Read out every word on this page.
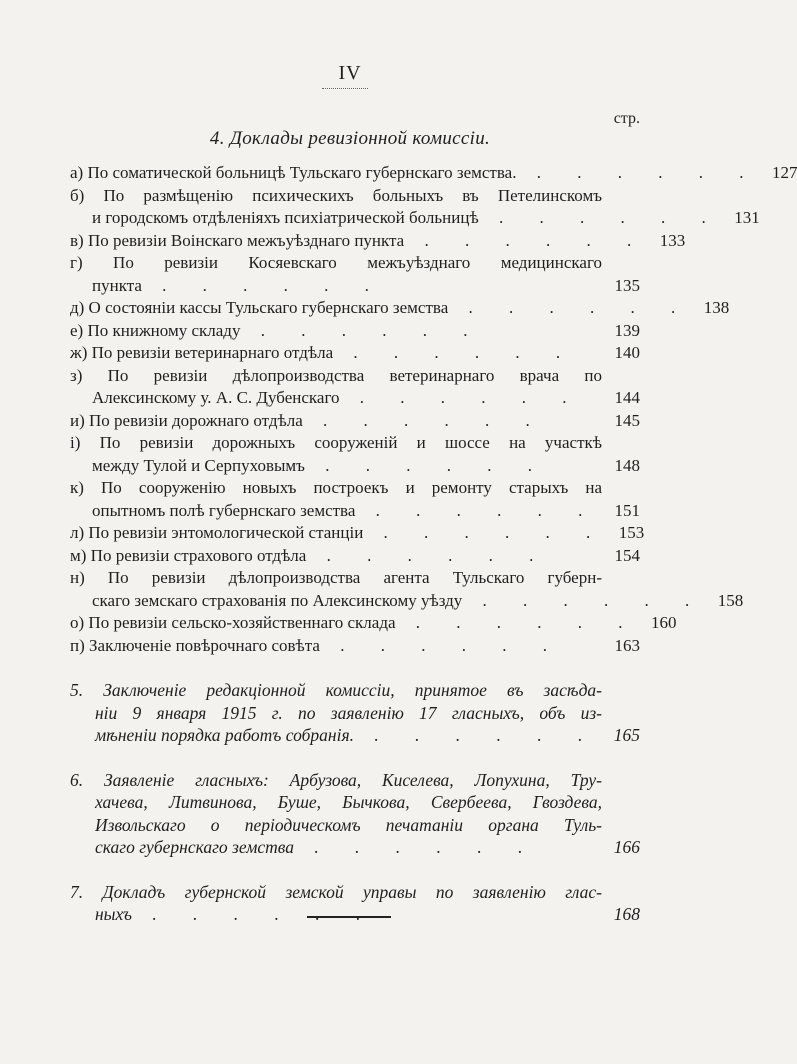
IV
стр.
4. Доклады ревизіонной комиссіи.
а) По соматической больницѣ Тульскаго губернскаго земства. . . . . . . 127
б) По размѣщенію психическихъ больныхъ въ Петелинскомъ
и городскомъ отдѣленіяхъ психіатрической больницѣ . . . . . . 131
в) По ревизіи Воінскаго межъуѣзднаго пункта . . . . . . 133
г) По ревизіи Косяевскаго межъуѣзднаго медицинскаго
пункта . . . . . .	135
д) О состояніи кассы Тульскаго губернскаго земства . . . . . . 138
е) По книжному складу . . . . . .	139
ж) По ревизіи ветеринарнаго отдѣла . . . . . .	140
з) По ревизіи дѣлопроизводства ветеринарнаго врача по
Алексинскому у. А. С. Дубенскаго . . . . . .	144
и) По ревизіи дорожнаго отдѣла . . . . . .	145
і) По ревизіи дорожныхъ сооруженій и шоссе на участкѣ
между Тулой и Серпуховымъ . . . . . .	148
к) По сооруженію новыхъ построекъ и ремонту старыхъ на
опытномъ полѣ губернскаго земства . . . . . . 151
л) По ревизіи энтомологической станціи . . . . . . 153
м) По ревизіи страхового отдѣла . . . . . .	154
н) По ревизіи дѣлопроизводства агента Тульскаго губерн-
скаго земскаго страхованія по Алексинскому уѣзду . . . . . . 158
о) По ревизіи сельско-хозяйственнаго склада . . . . . . 160
п) Заключеніе повѣрочнаго совѣта . . . . . .	163
5. Заключеніе редакціонной комиссіи, принятое въ засѣда-
ніи 9 января 1915 г. по заявленію 17 гласныхъ, объ из-
мѣненіи порядка работъ собранія. . . . . . . 165
6. Заявленіе гласныхъ: Арбузова, Киселева, Лопухина, Тру-
хачева, Литвинова, Буше, Бычкова, Свербеева, Гвоздева,
Извольскаго о періодическомъ печатаніи органа Туль-
скаго губернскаго земства . . . . . .	166
7. Докладъ губернской земской управы по заявленію глас-
ныхъ . . . . . .	168
